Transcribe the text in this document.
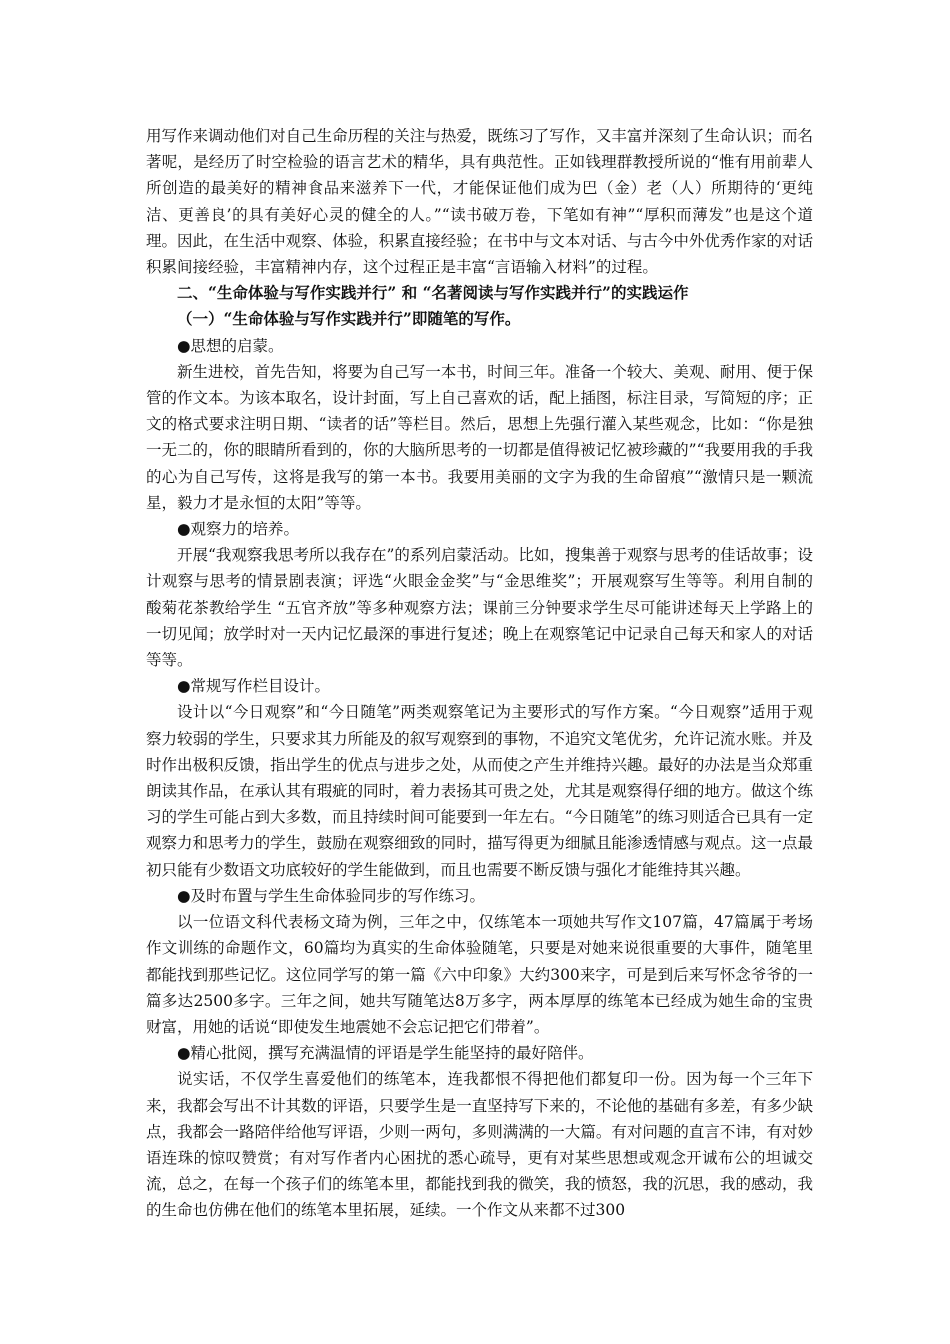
用写作来调动他们对自己生命历程的关注与热爱，既练习了写作，又丰富并深刻了生命认识；而名著呢，是经历了时空检验的语言艺术的精华，具有典范性。正如钱理群教授所说的“惟有用前辈人所创造的最美好的精神食品来滋养下一代，才能保证他们成为巴（金）老（人）所期待的‘更纯洁、更善良’的具有美好心灵的健全的人。”“读书破万卷，下笔如有神”“厚积而薄发”也是这个道理。因此，在生活中观察、体验，积累直接经验；在书中与文本对话、与古今中外优秀作家的对话积累间接经验，丰富精神内存，这个过程正是丰富“言语输入材料”的过程。

二、“生命体验与写作实践并行” 和 “名著阅读与写作实践并行”的实践运作

（一）“生命体验与写作实践并行”即随笔的写作。

●思想的启蒙。

新生进校，首先告知，将要为自己写一本书，时间三年。准备一个较大、美观、耐用、便于保管的作文本。为该本取名，设计封面，写上自己喜欢的话，配上插图，标注目录，写简短的序；正文的格式要求注明日期、“读者的话”等栏目。然后，思想上先强行灌入某些观念，比如：“你是独一无二的，你的眼睛所看到的，你的大脑所思考的一切都是值得被记忆被珍藏的”“我要用我的手我的心为自己写传，这将是我写的第一本书。我要用美丽的文字为我的生命留痕”“激情只是一颗流星，毅力才是永恒的太阳”等等。

●观察力的培养。

开展“我观察我思考所以我存在”的系列启蒙活动。比如，搜集善于观察与思考的佳话故事；设计观察与思考的情景剧表演；评选“火眼金金奖”与“金思维奖”；开展观察写生等等。利用自制的酸菊花茶教给学生 “五官齐放”等多种观察方法；课前三分钟要求学生尽可能讲述每天上学路上的一切见闻；放学时对一天内记忆最深的事进行复述；晚上在观察笔记中记录自己每天和家人的对话等等。

●常规写作栏目设计。

设计以“今日观察”和“今日随笔”两类观察笔记为主要形式的写作方案。“今日观察”适用于观察力较弱的学生，只要求其力所能及的叙写观察到的事物，不追究文笔优劣，允许记流水账。并及时作出极积反馈，指出学生的优点与进步之处，从而使之产生并维持兴趣。最好的办法是当众郑重朗读其作品，在承认其有瑕疵的同时，着力表扬其可贵之处，尤其是观察得仔细的地方。做这个练习的学生可能占到大多数，而且持续时间可能要到一年左右。“今日随笔”的练习则适合已具有一定观察力和思考力的学生，鼓励在观察细致的同时，描写得更为细腻且能渗透情感与观点。这一点最初只能有少数语文功底较好的学生能做到，而且也需要不断反馈与强化才能维持其兴趣。

●及时布置与学生生命体验同步的写作练习。

以一位语文科代表杨文琦为例，三年之中，仅练笔本一项她共写作文107篇，47篇属于考场作文训练的命题作文，60篇均为真实的生命体验随笔，只要是对她来说很重要的大事件，随笔里都能找到那些记忆。这位同学写的第一篇《六中印象》大约300来字，可是到后来写怀念爷爷的一篇多达2500多字。三年之间，她共写随笔达8万多字，两本厚厚的练笔本已经成为她生命的宝贵财富，用她的话说“即使发生地震她不会忘记把它们带着”。

●精心批阅，撰写充满温情的评语是学生能坚持的最好陪伴。

说实话，不仅学生喜爱他们的练笔本，连我都恨不得把他们都复印一份。因为每一个三年下来，我都会写出不计其数的评语，只要学生是一直坚持写下来的，不论他的基础有多差，有多少缺点，我都会一路陪伴给他写评语，少则一两句，多则满满的一大篇。有对问题的直言不讳，有对妙语连珠的惊叹赞赏；有对写作者内心困扰的悉心疏导，更有对某些思想或观念开诚布公的坦诚交流，总之，在每一个孩子们的练笔本里，都能找到我的微笑，我的愤怒，我的沉思，我的感动，我的生命也仿佛在他们的练笔本里拓展，延续。一个作文从来都不过300
